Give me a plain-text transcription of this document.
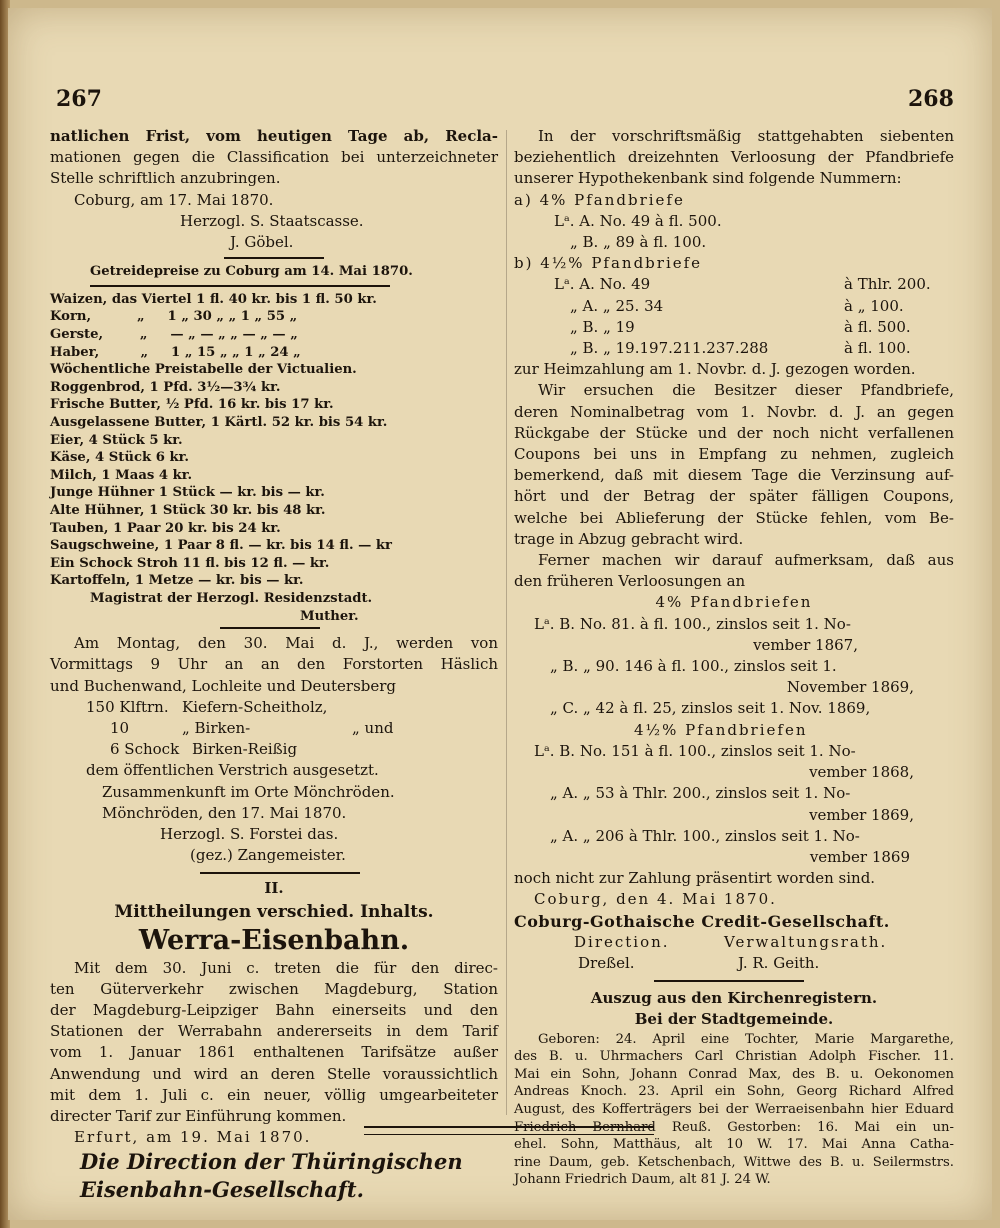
267	268

natlichen Frist, vom heutigen Tage ab, Recla-

mationen gegen die Classification bei unterzeichneter

Stelle schriftlich anzubringen.

Coburg, am 17. Mai 1870.

Herzogl. S. Staatscasse.

J. Göbel.

Getreidepreise zu Coburg am 14. Mai 1870.

Waizen, das Viertel 1 fl. 40 kr. bis 1 fl. 50 kr.

Korn,          „     1 „ 30 „ „ 1 „ 55 „

Gerste,        „     — „ — „ „ — „ — „

Haber,         „     1 „ 15 „ „ 1 „ 24 „

Wöchentliche Preistabelle der Victualien.

Roggenbrod, 1 Pfd. 3½—3¾ kr.

Frische Butter, ½ Pfd. 16 kr. bis 17 kr.

Ausgelassene Butter, 1 Kärtl. 52 kr. bis 54 kr.

Eier, 4 Stück 5 kr.

Käse, 4 Stück 6 kr.

Milch, 1 Maas 4 kr.

Junge Hühner 1 Stück — kr. bis — kr.

Alte Hühner, 1 Stück 30 kr. bis 48 kr.

Tauben, 1 Paar 20 kr. bis 24 kr.

Saugschweine, 1 Paar 8 fl. — kr. bis 14 fl. — kr

Ein Schock Stroh 11 fl. bis 12 fl. — kr.

Kartoffeln, 1 Metze — kr. bis — kr.

Magistrat der Herzogl. Residenzstadt.

Muther.

Am Montag, den 30. Mai d. J., werden von

Vormittags 9 Uhr an an den Forstorten Häslich

und Buchenwand, Lochleite und Deutersberg

150 Klftrn. Kiefern-Scheitholz,
10	„ Birken-	„ und
6 Schock Birken-Reißig

dem öffentlichen Verstrich ausgesetzt.

Zusammenkunft im Orte Mönchröden.

Mönchröden, den 17. Mai 1870.

Herzogl. S. Forstei das.

(gez.) Zangemeister.

II.

Mittheilungen verschied. Inhalts.

Werra-Eisenbahn.

Mit dem 30. Juni c. treten die für den direc-

ten Güterverkehr zwischen Magdeburg, Station

der Magdeburg-Leipziger Bahn einerseits und den

Stationen der Werrabahn andererseits in dem Tarif

vom 1. Januar 1861 enthaltenen Tarifsätze außer

Anwendung und wird an deren Stelle voraussichtlich

mit dem 1. Juli c. ein neuer, völlig umgearbeiteter

directer Tarif zur Einführung kommen.

Erfurt, am 19. Mai 1870.

Die Direction der Thüringischen

Eisenbahn-Gesellschaft.

In der vorschriftsmäßig stattgehabten siebenten

beziehentlich dreizehnten Verloosung der Pfandbriefe

unserer Hypothekenbank sind folgende Nummern:

a) 4% Pfandbriefe

Lᵃ. A. No. 49 à fl. 500.

„ B. „ 89 à fl. 100.

b) 4½% Pfandbriefe

Lᵃ. A. No. 49	à Thlr. 200.
„ A. „ 25. 34	à „ 100.
„ B. „ 19	à fl. 500.
„ B. „ 19.197.211.237.288	à fl. 100.

zur Heimzahlung am 1. Novbr. d. J. gezogen worden.

Wir ersuchen die Besitzer dieser Pfandbriefe,

deren Nominalbetrag vom 1. Novbr. d. J. an gegen

Rückgabe der Stücke und der noch nicht verfallenen

Coupons bei uns in Empfang zu nehmen, zugleich

bemerkend, daß mit diesem Tage die Verzinsung auf-

hört und der Betrag der später fälligen Coupons,

welche bei Ablieferung der Stücke fehlen, vom Be-

trage in Abzug gebracht wird.

Ferner machen wir darauf aufmerksam, daß aus

den früheren Verloosungen an

4% Pfandbriefen

Lᵃ. B. No. 81. à fl. 100., zinslos seit 1. No-

vember 1867,

„ B. „ 90. 146 à fl. 100., zinslos seit 1.

November 1869,

„ C. „ 42 à fl. 25, zinslos seit 1. Nov. 1869,

4½% Pfandbriefen

Lᵃ. B. No. 151 à fl. 100., zinslos seit 1. No-

vember 1868,

„ A. „ 53 à Thlr. 200., zinslos seit 1. No-

vember 1869,

„ A. „ 206 à Thlr. 100., zinslos seit 1. No-

vember 1869

noch nicht zur Zahlung präsentirt worden sind.

Coburg, den 4. Mai 1870.

Coburg-Gothaische Credit-Gesellschaft.

Direction.	Verwaltungsrath.
Dreßel.	J. R. Geith.

Auszug aus den Kirchenregistern.

Bei der Stadtgemeinde.

Geboren: 24. April eine Tochter, Marie Margarethe,

des B. u. Uhrmachers Carl Christian Adolph Fischer. 11.

Mai ein Sohn, Johann Conrad Max, des B. u. Oekonomen

Andreas Knoch. 23. April ein Sohn, Georg Richard Alfred

August, des Kofferträgers bei der Werraeisenbahn hier Eduard

Friedrich Bernhard Reuß. Gestorben: 16. Mai ein un-

ehel. Sohn, Matthäus, alt 10 W. 17. Mai Anna Catha-

rine Daum, geb. Ketschenbach, Wittwe des B. u. Seilermstrs.

Johann Friedrich Daum, alt 81 J. 24 W.
